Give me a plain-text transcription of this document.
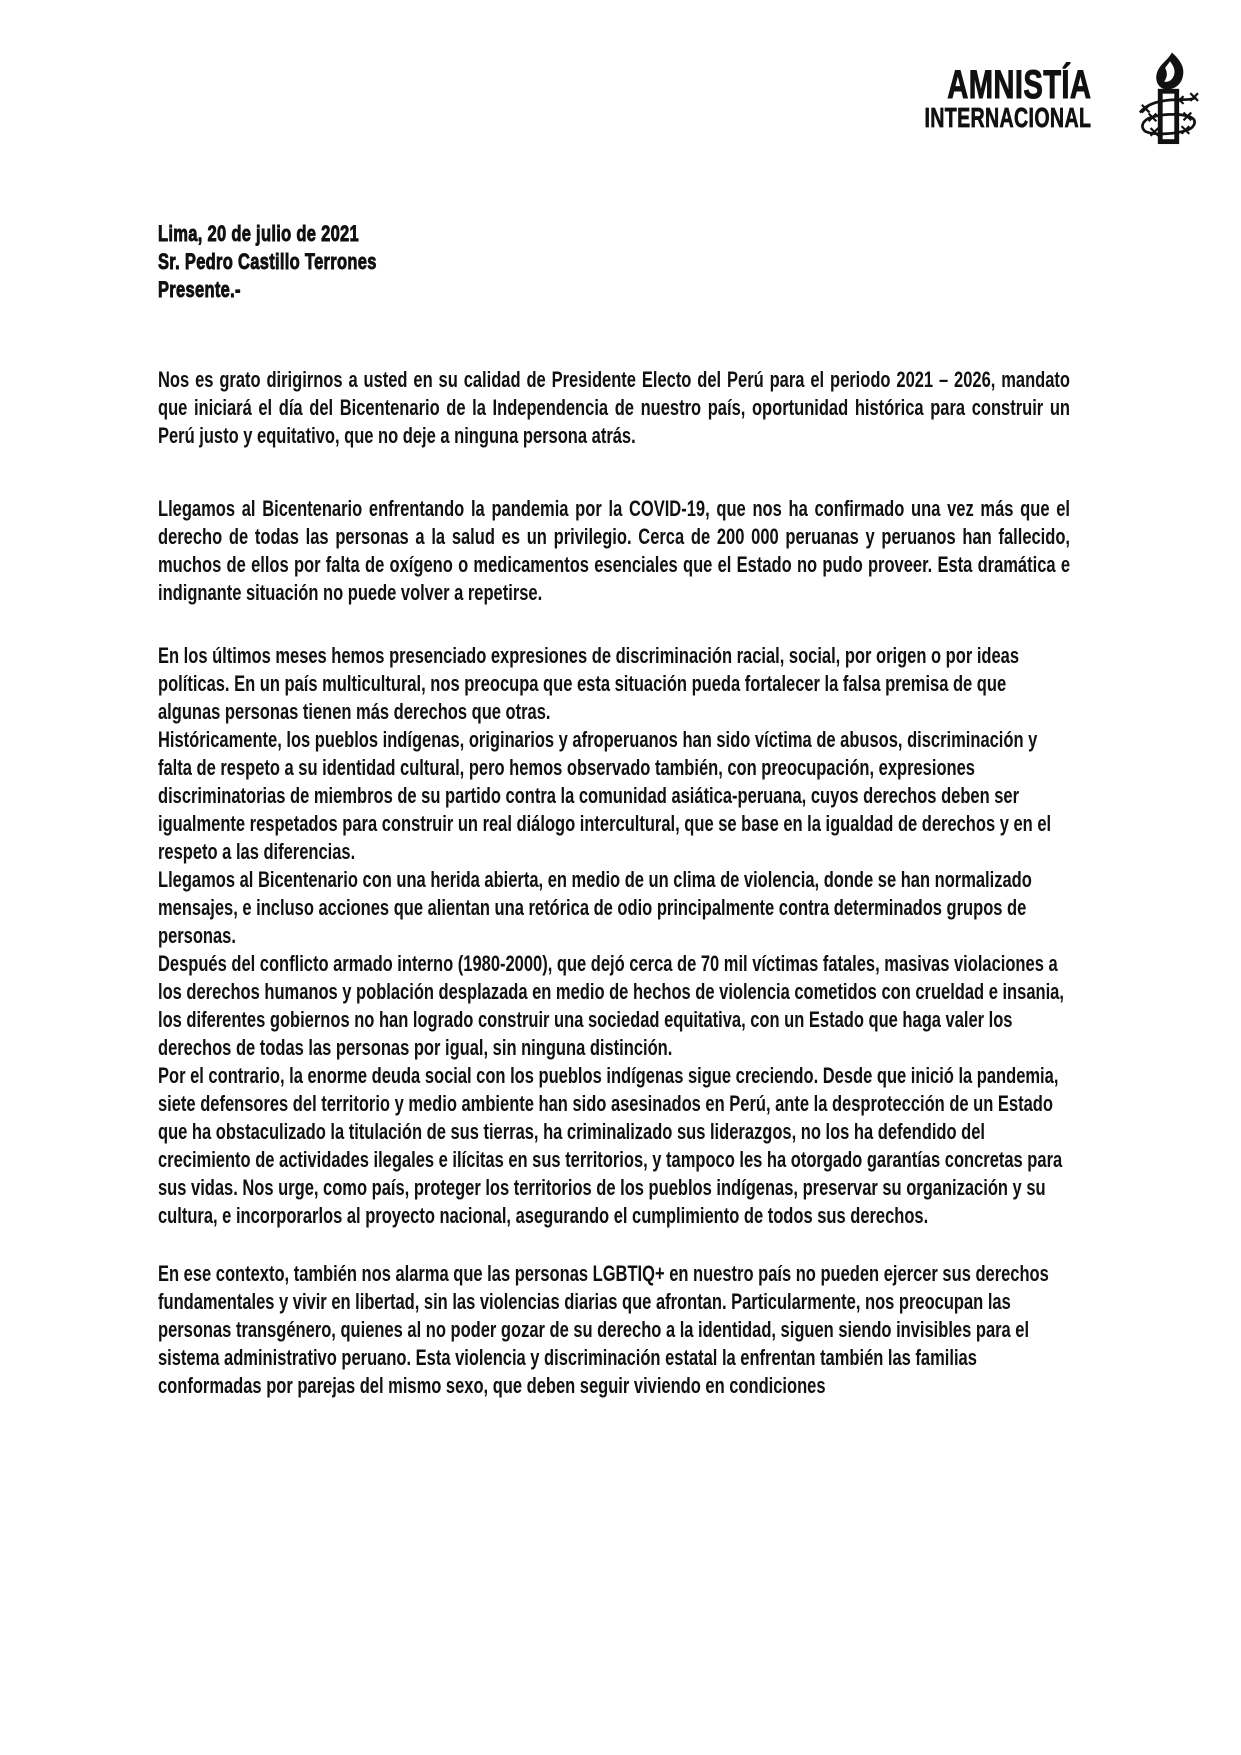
AMNISTÍA
INTERNACIONAL

Lima, 20 de julio de 2021

Sr. Pedro Castillo Terrones

Presente.-

Nos es grato dirigirnos a usted en su calidad de Presidente Electo del Perú para el periodo 2021 – 2026, mandato que iniciará el día del Bicentenario de la Independencia de nuestro país, oportunidad histórica para construir un Perú justo y equitativo, que no deje a ninguna persona atrás.

Llegamos al Bicentenario enfrentando la pandemia por la COVID-19, que nos ha confirmado una vez más que el derecho de todas las personas a la salud es un privilegio. Cerca de 200 000 peruanas y peruanos han fallecido, muchos de ellos por falta de oxígeno o medicamentos esenciales que el Estado no pudo proveer. Esta dramática e indignante situación no puede volver a repetirse.

En los últimos meses hemos presenciado expresiones de discriminación racial, social, por origen o por ideas políticas. En un país multicultural, nos preocupa que esta situación pueda fortalecer la falsa premisa de que algunas personas tienen más derechos que otras.

Históricamente, los pueblos indígenas, originarios y afroperuanos han sido víctima de abusos, discriminación y falta de respeto a su identidad cultural, pero hemos observado también, con preocupación, expresiones discriminatorias de miembros de su partido contra la comunidad asiática-peruana, cuyos derechos deben ser igualmente respetados para construir un real diálogo intercultural, que se base en la igualdad de derechos y en el respeto a las diferencias.

Llegamos al Bicentenario con una herida abierta, en medio de un clima de violencia, donde se han normalizado mensajes, e incluso acciones que alientan una retórica de odio principalmente contra determinados grupos de personas.

Después del conflicto armado interno (1980-2000), que dejó cerca de 70 mil víctimas fatales, masivas violaciones a los derechos humanos y población desplazada en medio de hechos de violencia cometidos con crueldad e insania, los diferentes gobiernos no han logrado construir una sociedad equitativa, con un Estado que haga valer los derechos de todas las personas por igual, sin ninguna distinción.

Por el contrario, la enorme deuda social con los pueblos indígenas sigue creciendo. Desde que inició la pandemia, siete defensores del territorio y medio ambiente han sido asesinados en Perú, ante la desprotección de un Estado que ha obstaculizado la titulación de sus tierras, ha criminalizado sus liderazgos, no los ha defendido del crecimiento de actividades ilegales e ilícitas en sus territorios, y tampoco les ha otorgado garantías concretas para sus vidas. Nos urge, como país, proteger los territorios de los pueblos indígenas, preservar su organización y su cultura, e incorporarlos al proyecto nacional, asegurando el cumplimiento de todos sus derechos.

En ese contexto, también nos alarma que las personas LGBTIQ+ en nuestro país no pueden ejercer sus derechos fundamentales y vivir en libertad, sin las violencias diarias que afrontan. Particularmente, nos preocupan las personas transgénero, quienes al no poder gozar de su derecho a la identidad, siguen siendo invisibles para el sistema administrativo peruano. Esta violencia y discriminación estatal la enfrentan también las familias conformadas por parejas del mismo sexo, que deben seguir viviendo en condiciones
